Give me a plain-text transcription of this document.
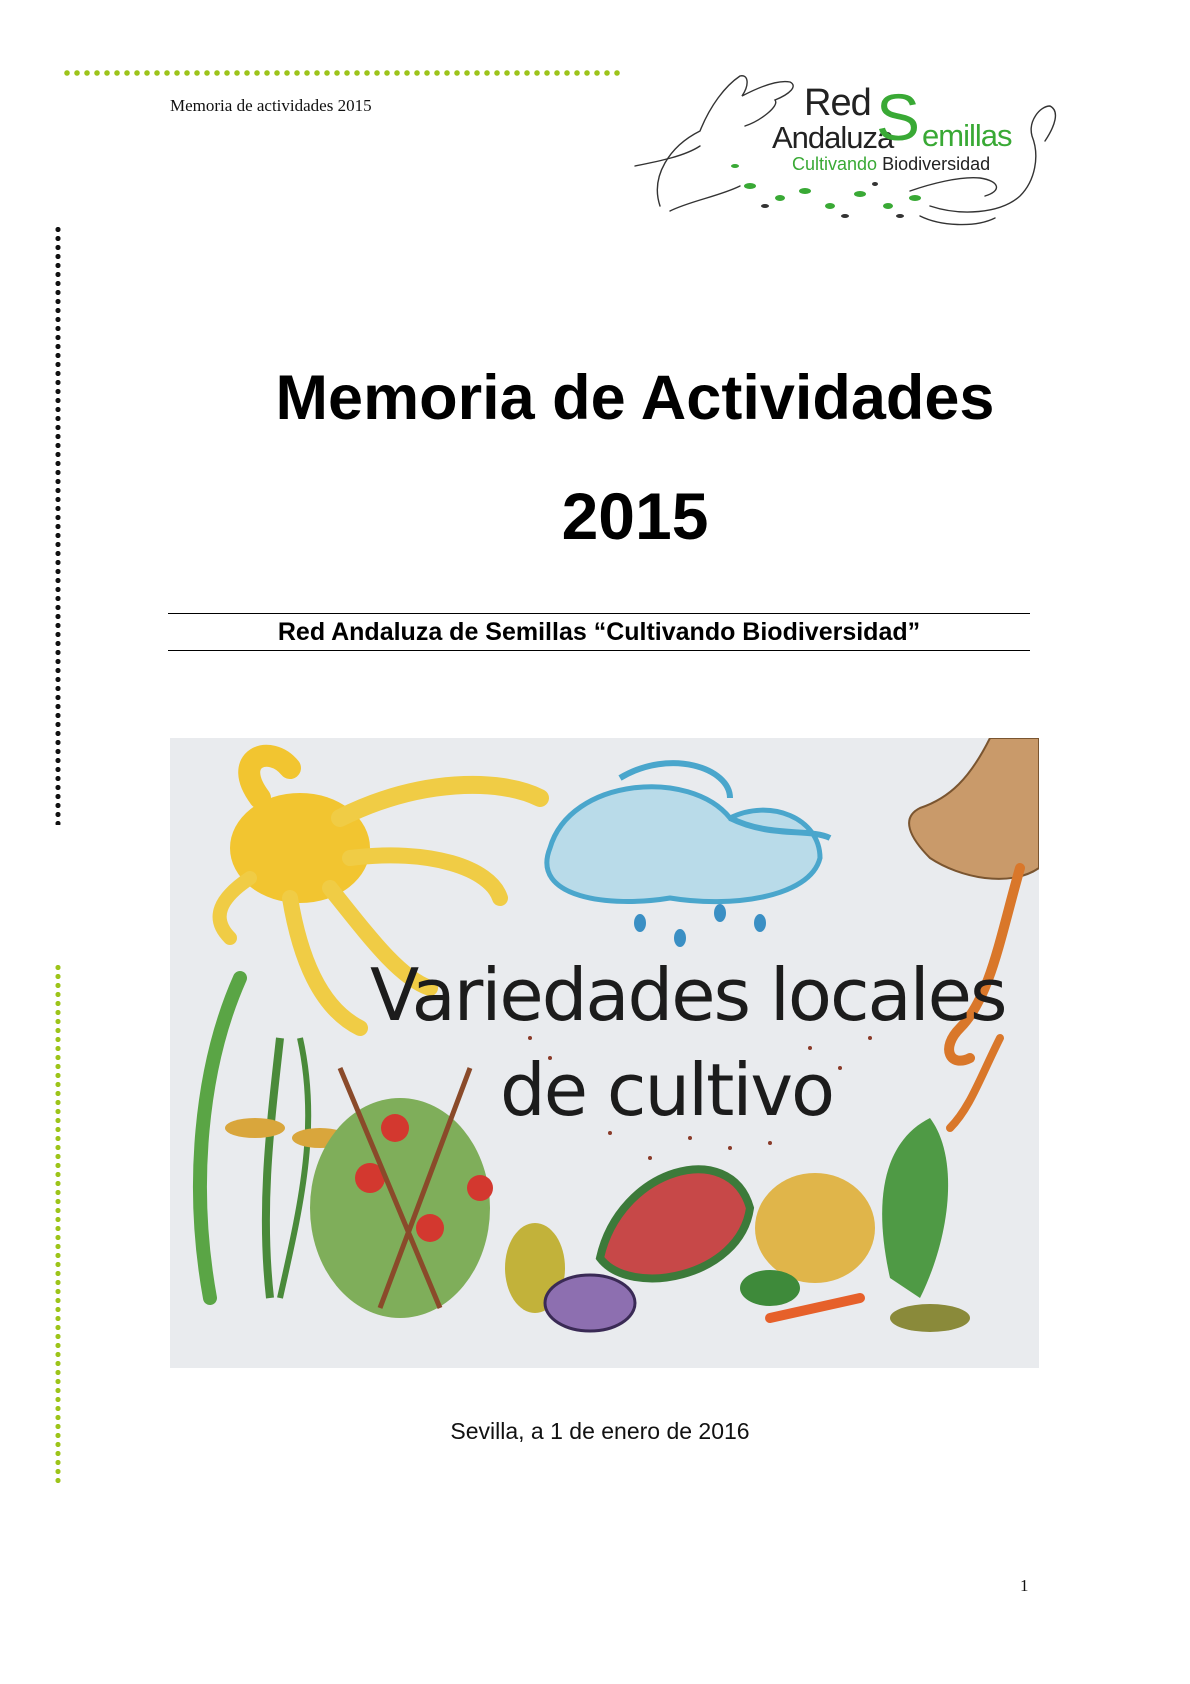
Memoria de actividades 2015	Red
Andaluza
S emillas
Cultivando Biodiversidad
Memoria de Actividades
2015
Red Andaluza de Semillas “Cultivando Biodiversidad”
Variedades locales
de cultivo
Sevilla, a 1 de enero de 2016
1
